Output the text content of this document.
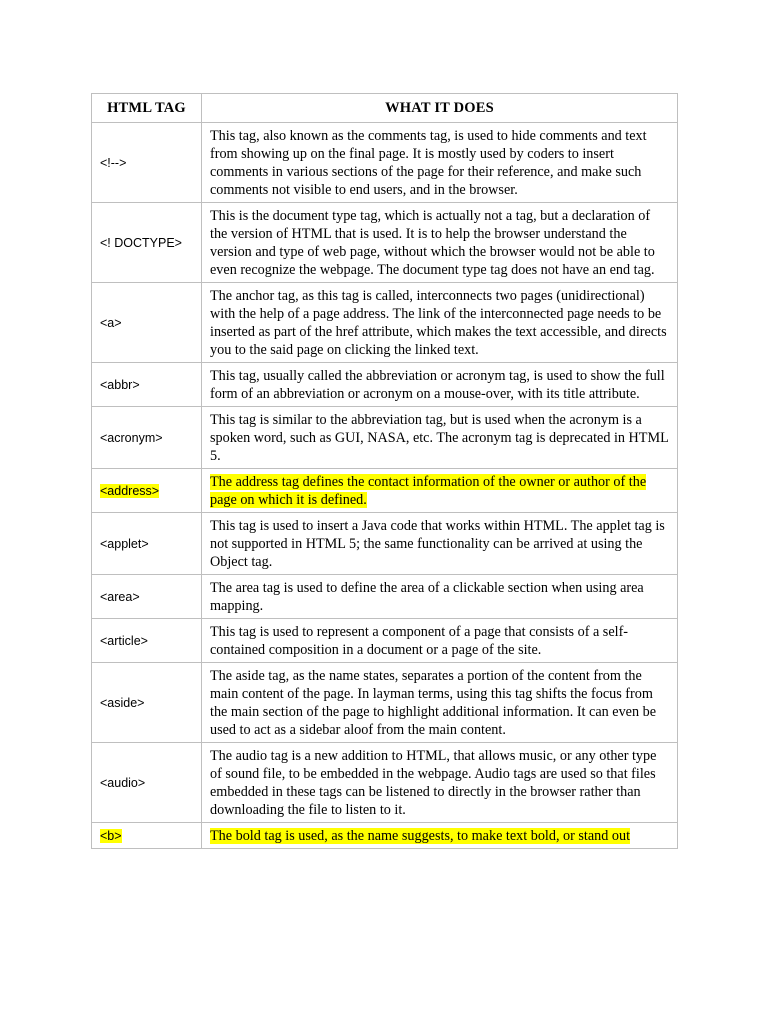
HTML TAG	WHAT IT DOES
<!-->	This tag, also known as the comments tag, is used to hide comments and text from showing up on the final page. It is mostly used by coders to insert comments in various sections of the page for their reference, and make such comments not visible to end users, and in the browser.
<! DOCTYPE>	This is the document type tag, which is actually not a tag, but a declaration of the version of HTML that is used. It is to help the browser understand the version and type of web page, without which the browser would not be able to even recognize the webpage. The document type tag does not have an end tag.
<a>	The anchor tag, as this tag is called, interconnects two pages (unidirectional) with the help of a page address. The link of the interconnected page needs to be inserted as part of the href attribute, which makes the text accessible, and directs you to the said page on clicking the linked text.
<abbr>	This tag, usually called the abbreviation or acronym tag, is used to show the full form of an abbreviation or acronym on a mouse-over, with its title attribute.
<acronym>	This tag is similar to the abbreviation tag, but is used when the acronym is a spoken word, such as GUI, NASA, etc. The acronym tag is deprecated in HTML 5.
<address>	The address tag defines the contact information of the owner or author of the page on which it is defined.
<applet>	This tag is used to insert a Java code that works within HTML. The applet tag is not supported in HTML 5; the same functionality can be arrived at using the Object tag.
<area>	The area tag is used to define the area of a clickable section when using area mapping.
<article>	This tag is used to represent a component of a page that consists of a self-contained composition in a document or a page of the site.
<aside>	The aside tag, as the name states, separates a portion of the content from the main content of the page. In layman terms, using this tag shifts the focus from the main section of the page to highlight additional information. It can even be used to act as a sidebar aloof from the main content.
<audio>	The audio tag is a new addition to HTML, that allows music, or any other type of sound file, to be embedded in the webpage. Audio tags are used so that files embedded in these tags can be listened to directly in the browser rather than downloading the file to listen to it.
<b>	The bold tag is used, as the name suggests, to make text bold, or stand out
